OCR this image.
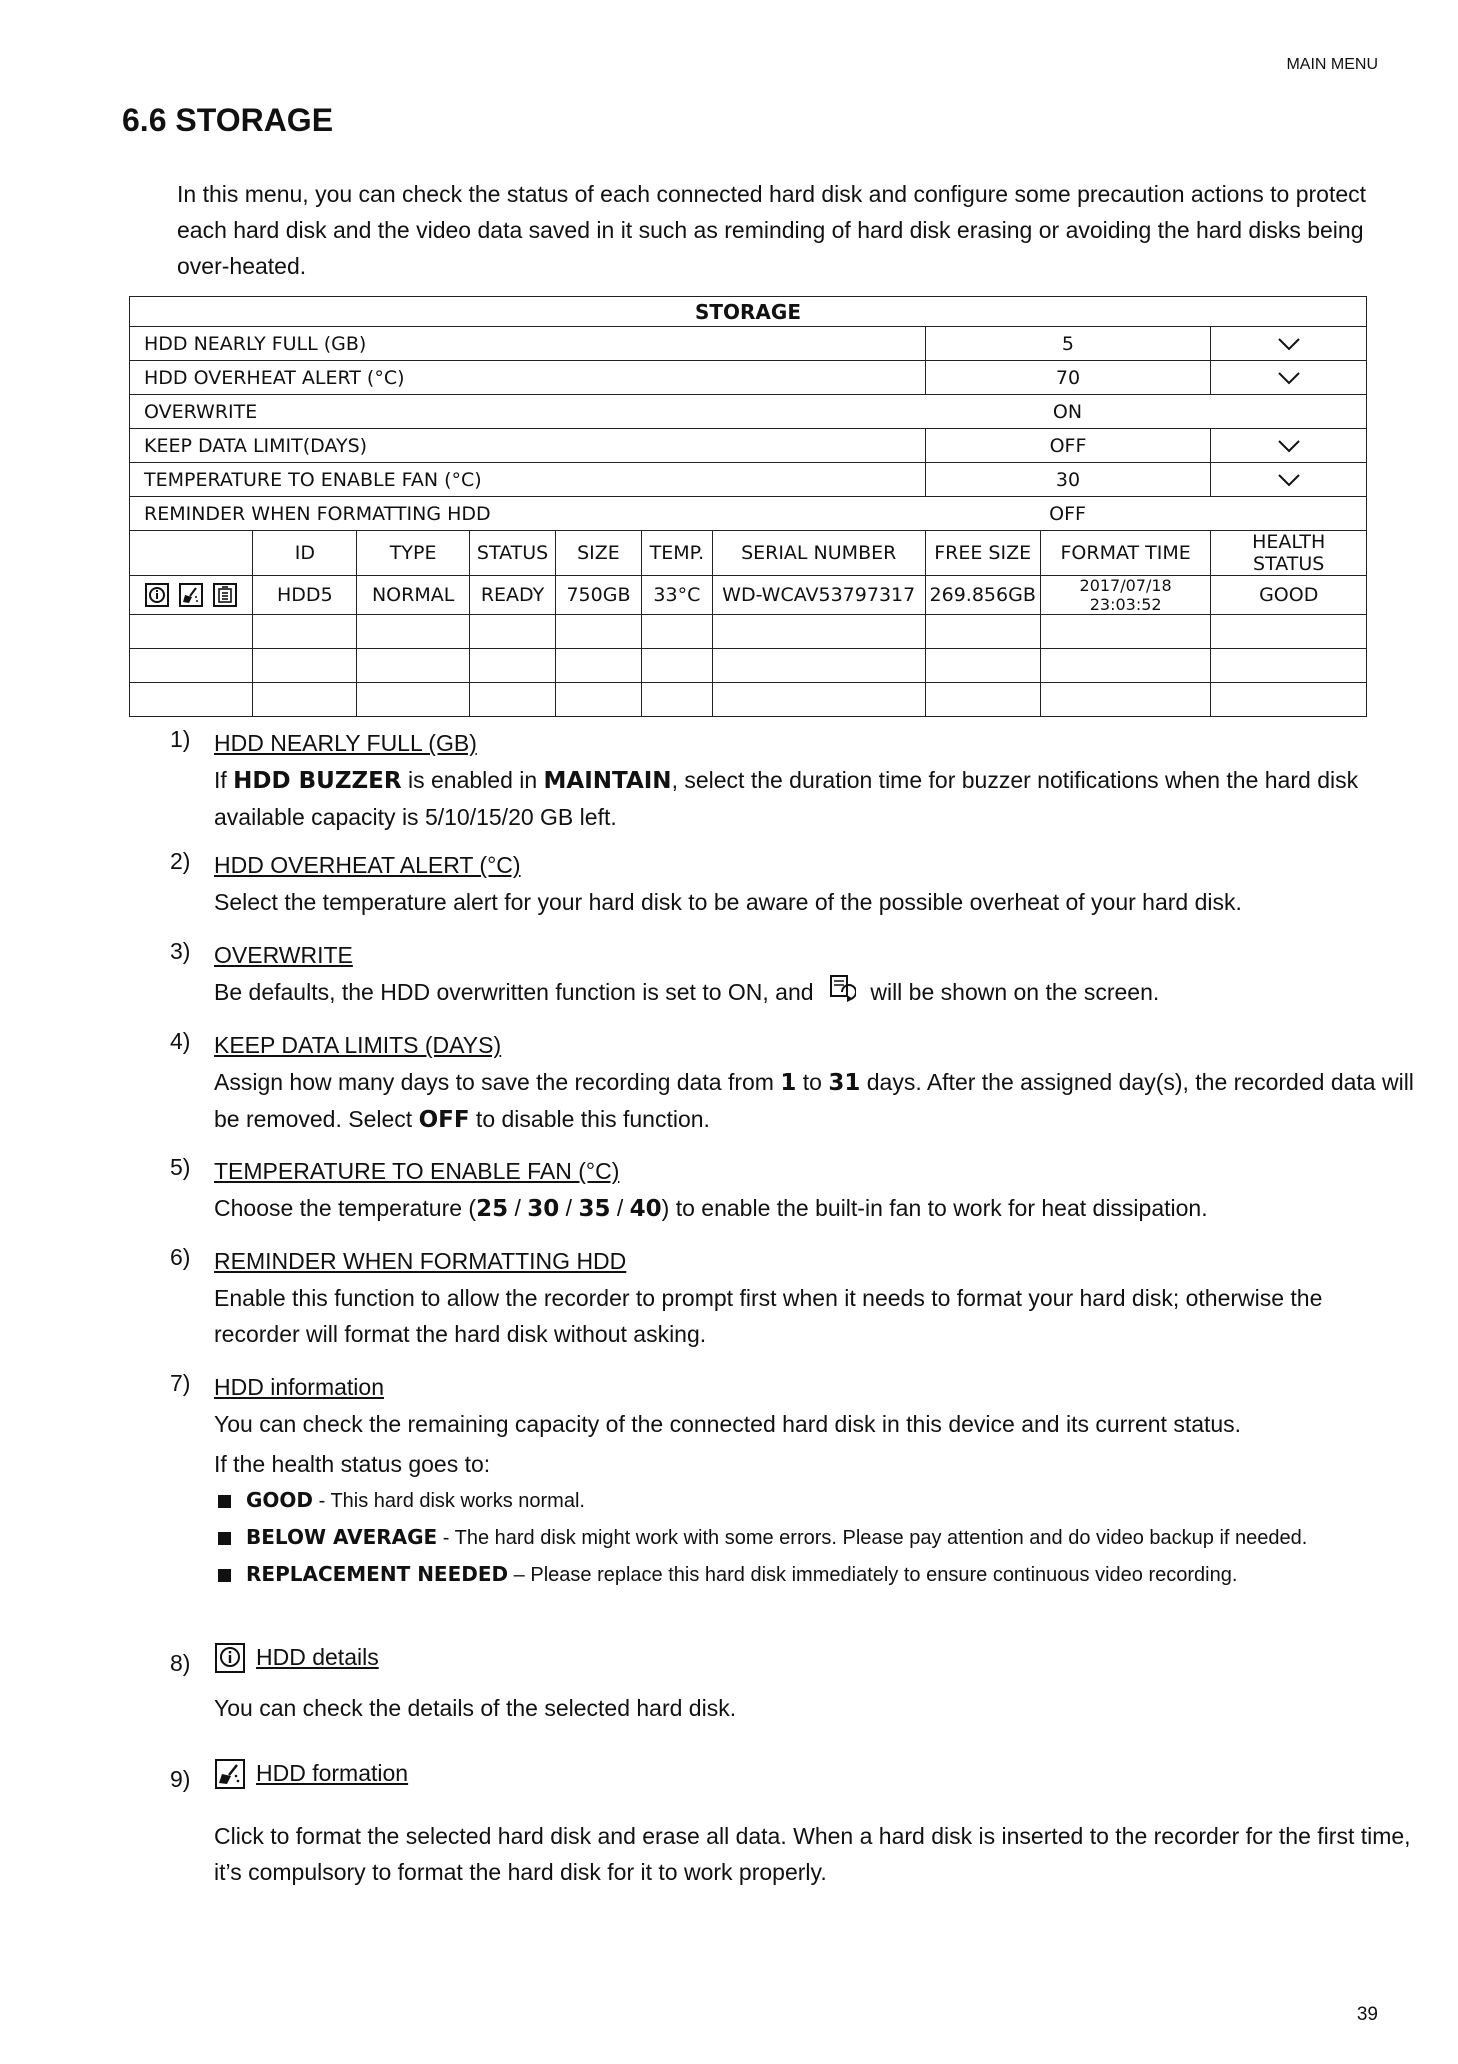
MAIN MENU
6.6 STORAGE

In this menu, you can check the status of each connected hard disk and configure some precaution actions to protect each hard disk and the video data saved in it such as reminding of hard disk erasing or avoiding the hard disks being over-heated.

STORAGE									
HDD NEARLY FULL (GB)							5	
HDD OVERHEAT ALERT (°C)							70	
OVERWRITE							ON		
KEEP DATA LIMIT(DAYS)							OFF	
TEMPERATURE TO ENABLE FAN (°C)							30	
REMINDER WHEN FORMATTING HDD							OFF		
	ID	TYPE	STATUS	SIZE	TEMP.	SERIAL NUMBER	FREE SIZE	FORMAT TIME	HEALTH STATUS
	HDD5	NORMAL	READY	750GB	33°C	WD-WCAV53797317	269.856GB	2017/07/18 23:03:52	GOOD

1) HDD NEARLY FULL (GB)

If HDD BUZZER is enabled in MAINTAIN, select the duration time for buzzer notifications when the hard disk available capacity is 5/10/15/20 GB left.

2) HDD OVERHEAT ALERT (°C)

Select the temperature alert for your hard disk to be aware of the possible overheat of your hard disk.

3) OVERWRITE

Be defaults, the HDD overwritten function is set to ON, and  will be shown on the screen.

4) KEEP DATA LIMITS (DAYS)

Assign how many days to save the recording data from 1 to 31 days. After the assigned day(s), the recorded data will be removed. Select OFF to disable this function.

5) TEMPERATURE TO ENABLE FAN (°C)

Choose the temperature (25 / 30 / 35 / 40) to enable the built-in fan to work for heat dissipation.

6) REMINDER WHEN FORMATTING HDD

Enable this function to allow the recorder to prompt first when it needs to format your hard disk; otherwise the recorder will format the hard disk without asking.

7) HDD information

You can check the remaining capacity of the connected hard disk in this device and its current status.

If the health status goes to:

GOOD - This hard disk works normal.
BELOW AVERAGE - The hard disk might work with some errors. Please pay attention and do video backup if needed.
REPLACEMENT NEEDED – Please replace this hard disk immediately to ensure continuous video recording.
8)	HDD details

You can check the details of the selected hard disk.

9)	HDD formation

Click to format the selected hard disk and erase all data. When a hard disk is inserted to the recorder for the first time, it’s compulsory to format the hard disk for it to work properly.

39
